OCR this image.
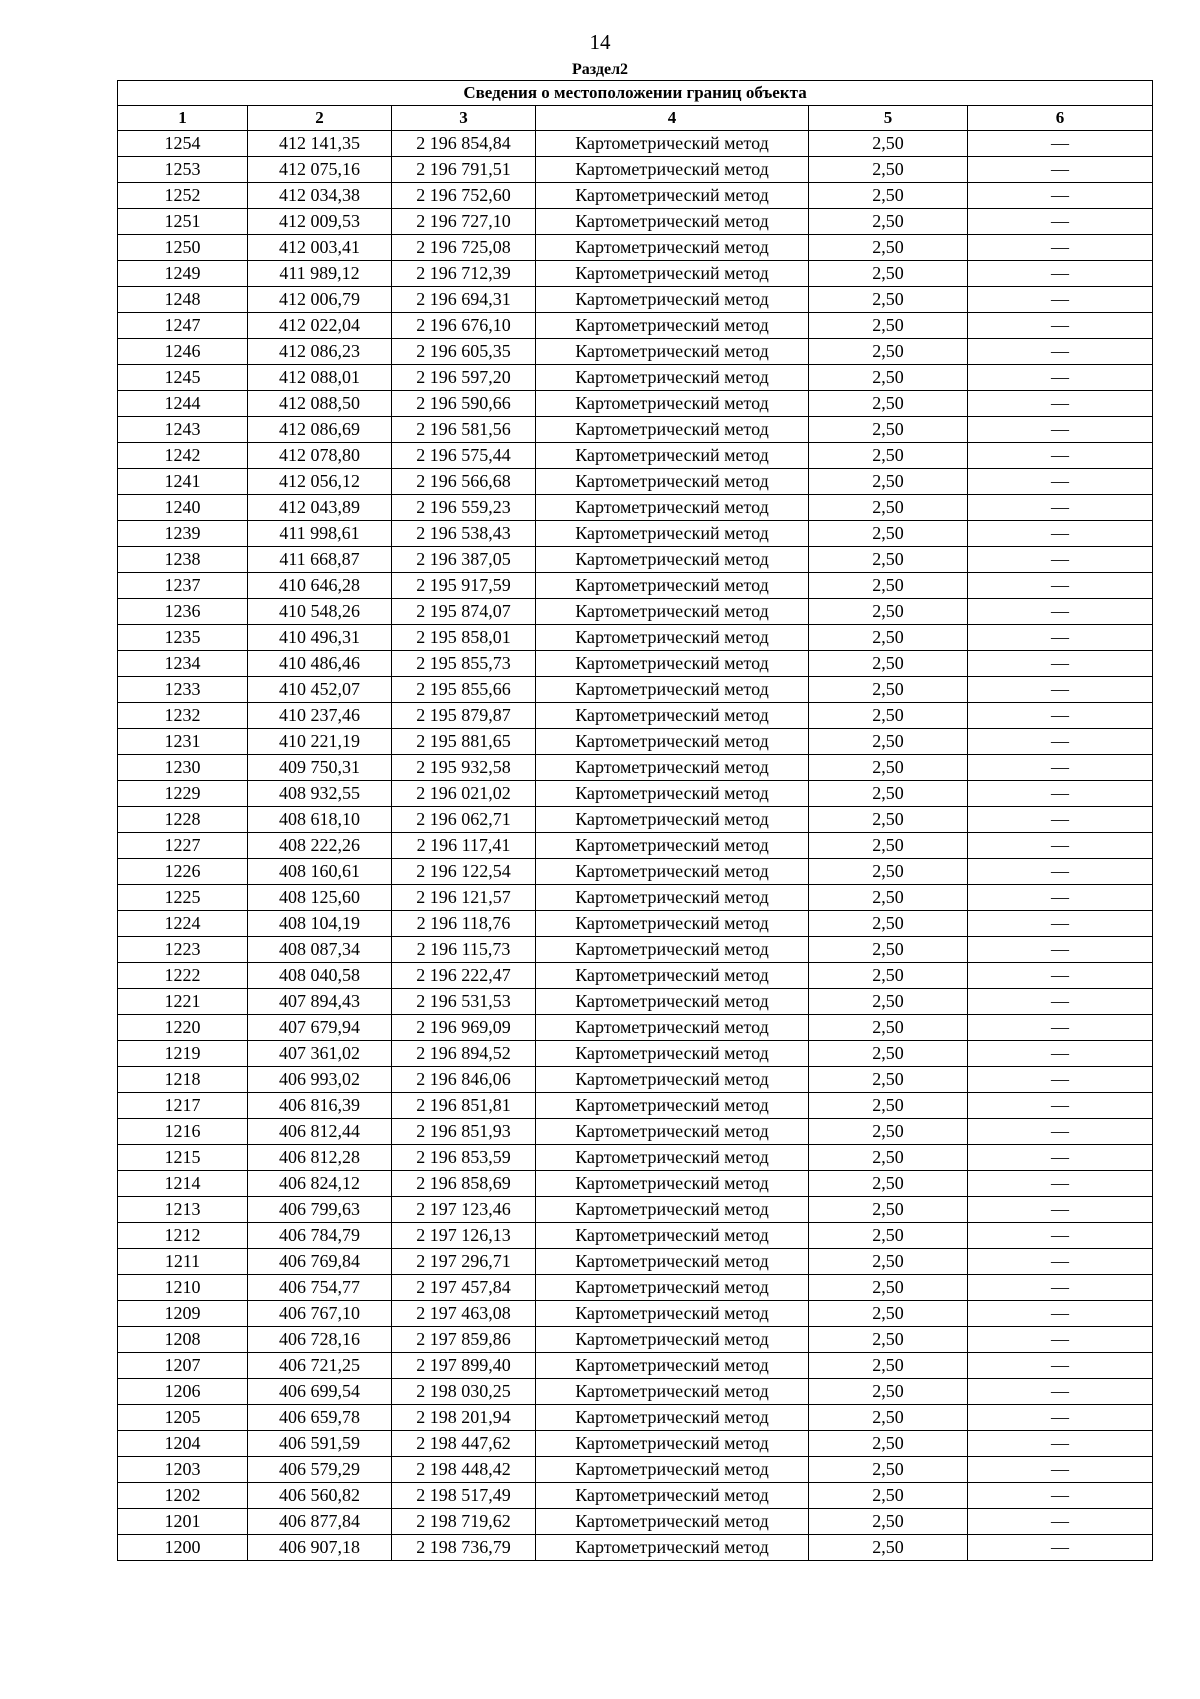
14
Раздел2
Сведения о местоположении границ объекта					
1	2	3	4	5	6
1254	412 141,35	2 196 854,84	Картометрический метод	2,50	—
1253	412 075,16	2 196 791,51	Картометрический метод	2,50	—
1252	412 034,38	2 196 752,60	Картометрический метод	2,50	—
1251	412 009,53	2 196 727,10	Картометрический метод	2,50	—
1250	412 003,41	2 196 725,08	Картометрический метод	2,50	—
1249	411 989,12	2 196 712,39	Картометрический метод	2,50	—
1248	412 006,79	2 196 694,31	Картометрический метод	2,50	—
1247	412 022,04	2 196 676,10	Картометрический метод	2,50	—
1246	412 086,23	2 196 605,35	Картометрический метод	2,50	—
1245	412 088,01	2 196 597,20	Картометрический метод	2,50	—
1244	412 088,50	2 196 590,66	Картометрический метод	2,50	—
1243	412 086,69	2 196 581,56	Картометрический метод	2,50	—
1242	412 078,80	2 196 575,44	Картометрический метод	2,50	—
1241	412 056,12	2 196 566,68	Картометрический метод	2,50	—
1240	412 043,89	2 196 559,23	Картометрический метод	2,50	—
1239	411 998,61	2 196 538,43	Картометрический метод	2,50	—
1238	411 668,87	2 196 387,05	Картометрический метод	2,50	—
1237	410 646,28	2 195 917,59	Картометрический метод	2,50	—
1236	410 548,26	2 195 874,07	Картометрический метод	2,50	—
1235	410 496,31	2 195 858,01	Картометрический метод	2,50	—
1234	410 486,46	2 195 855,73	Картометрический метод	2,50	—
1233	410 452,07	2 195 855,66	Картометрический метод	2,50	—
1232	410 237,46	2 195 879,87	Картометрический метод	2,50	—
1231	410 221,19	2 195 881,65	Картометрический метод	2,50	—
1230	409 750,31	2 195 932,58	Картометрический метод	2,50	—
1229	408 932,55	2 196 021,02	Картометрический метод	2,50	—
1228	408 618,10	2 196 062,71	Картометрический метод	2,50	—
1227	408 222,26	2 196 117,41	Картометрический метод	2,50	—
1226	408 160,61	2 196 122,54	Картометрический метод	2,50	—
1225	408 125,60	2 196 121,57	Картометрический метод	2,50	—
1224	408 104,19	2 196 118,76	Картометрический метод	2,50	—
1223	408 087,34	2 196 115,73	Картометрический метод	2,50	—
1222	408 040,58	2 196 222,47	Картометрический метод	2,50	—
1221	407 894,43	2 196 531,53	Картометрический метод	2,50	—
1220	407 679,94	2 196 969,09	Картометрический метод	2,50	—
1219	407 361,02	2 196 894,52	Картометрический метод	2,50	—
1218	406 993,02	2 196 846,06	Картометрический метод	2,50	—
1217	406 816,39	2 196 851,81	Картометрический метод	2,50	—
1216	406 812,44	2 196 851,93	Картометрический метод	2,50	—
1215	406 812,28	2 196 853,59	Картометрический метод	2,50	—
1214	406 824,12	2 196 858,69	Картометрический метод	2,50	—
1213	406 799,63	2 197 123,46	Картометрический метод	2,50	—
1212	406 784,79	2 197 126,13	Картометрический метод	2,50	—
1211	406 769,84	2 197 296,71	Картометрический метод	2,50	—
1210	406 754,77	2 197 457,84	Картометрический метод	2,50	—
1209	406 767,10	2 197 463,08	Картометрический метод	2,50	—
1208	406 728,16	2 197 859,86	Картометрический метод	2,50	—
1207	406 721,25	2 197 899,40	Картометрический метод	2,50	—
1206	406 699,54	2 198 030,25	Картометрический метод	2,50	—
1205	406 659,78	2 198 201,94	Картометрический метод	2,50	—
1204	406 591,59	2 198 447,62	Картометрический метод	2,50	—
1203	406 579,29	2 198 448,42	Картометрический метод	2,50	—
1202	406 560,82	2 198 517,49	Картометрический метод	2,50	—
1201	406 877,84	2 198 719,62	Картометрический метод	2,50	—
1200	406 907,18	2 198 736,79	Картометрический метод	2,50	—
